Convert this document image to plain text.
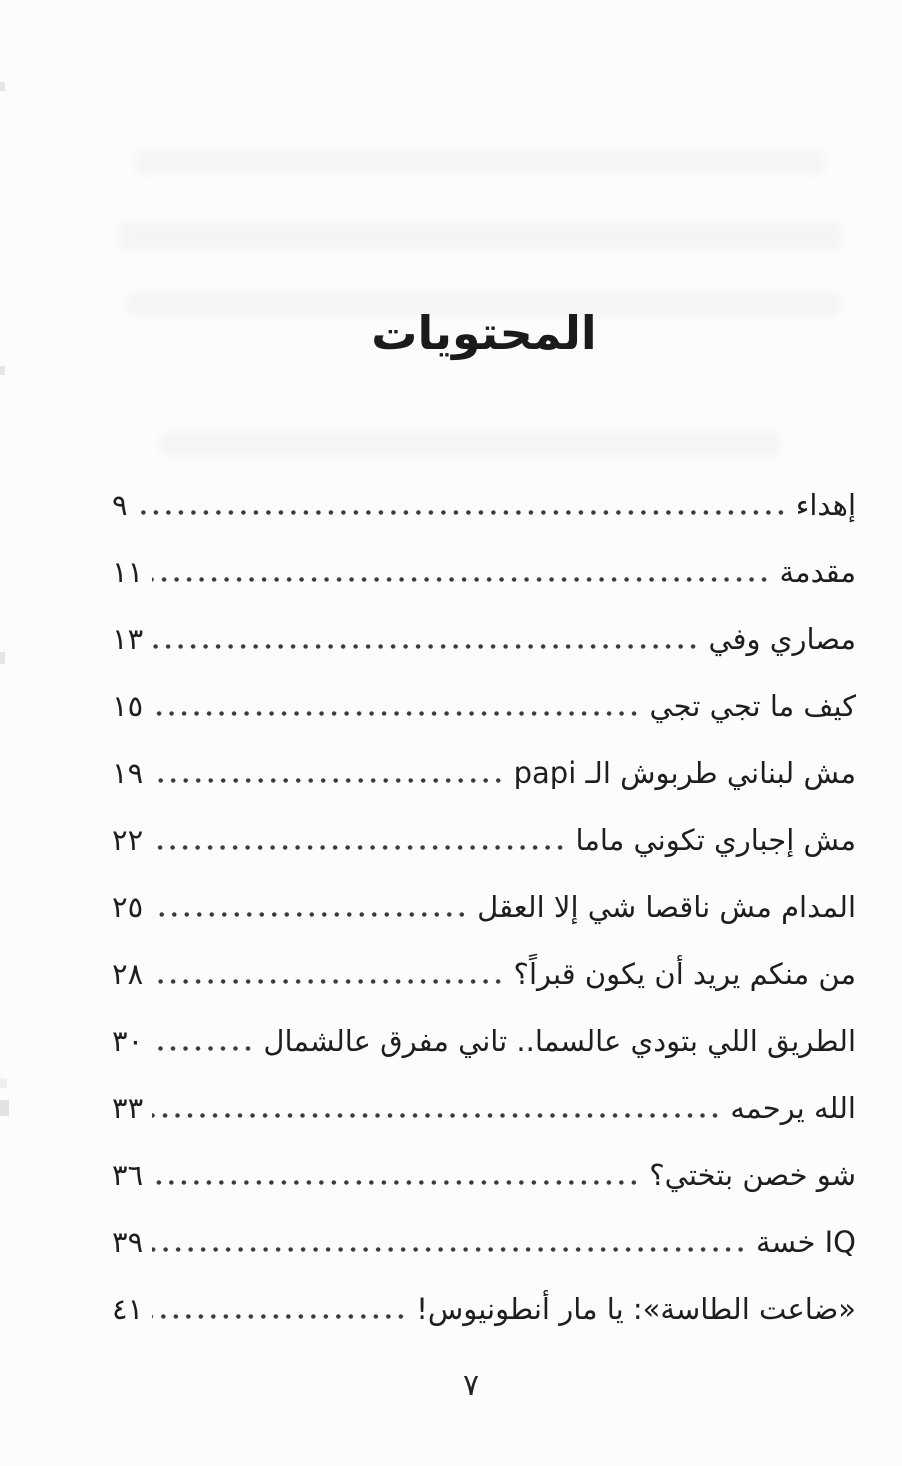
المحتويات
إهداء
٩
مقدمة
١١
مصاري وفي
١٣
كيف ما تجي تجي
١٥
مش لبناني طربوش الـ papi
١٩
مش إجباري تكوني ماما
٢٢
المدام مش ناقصا شي إلا العقل
٢٥
من منكم يريد أن يكون قبراً؟
٢٨
الطريق اللي بتودي عالسما.. تاني مفرق عالشمال
٣٠
الله يرحمه
٣٣
شو خصن بتختي؟
٣٦
IQ خسة
٣٩
«ضاعت الطاسة»: يا مار أنطونيوس!
٤١
٧
